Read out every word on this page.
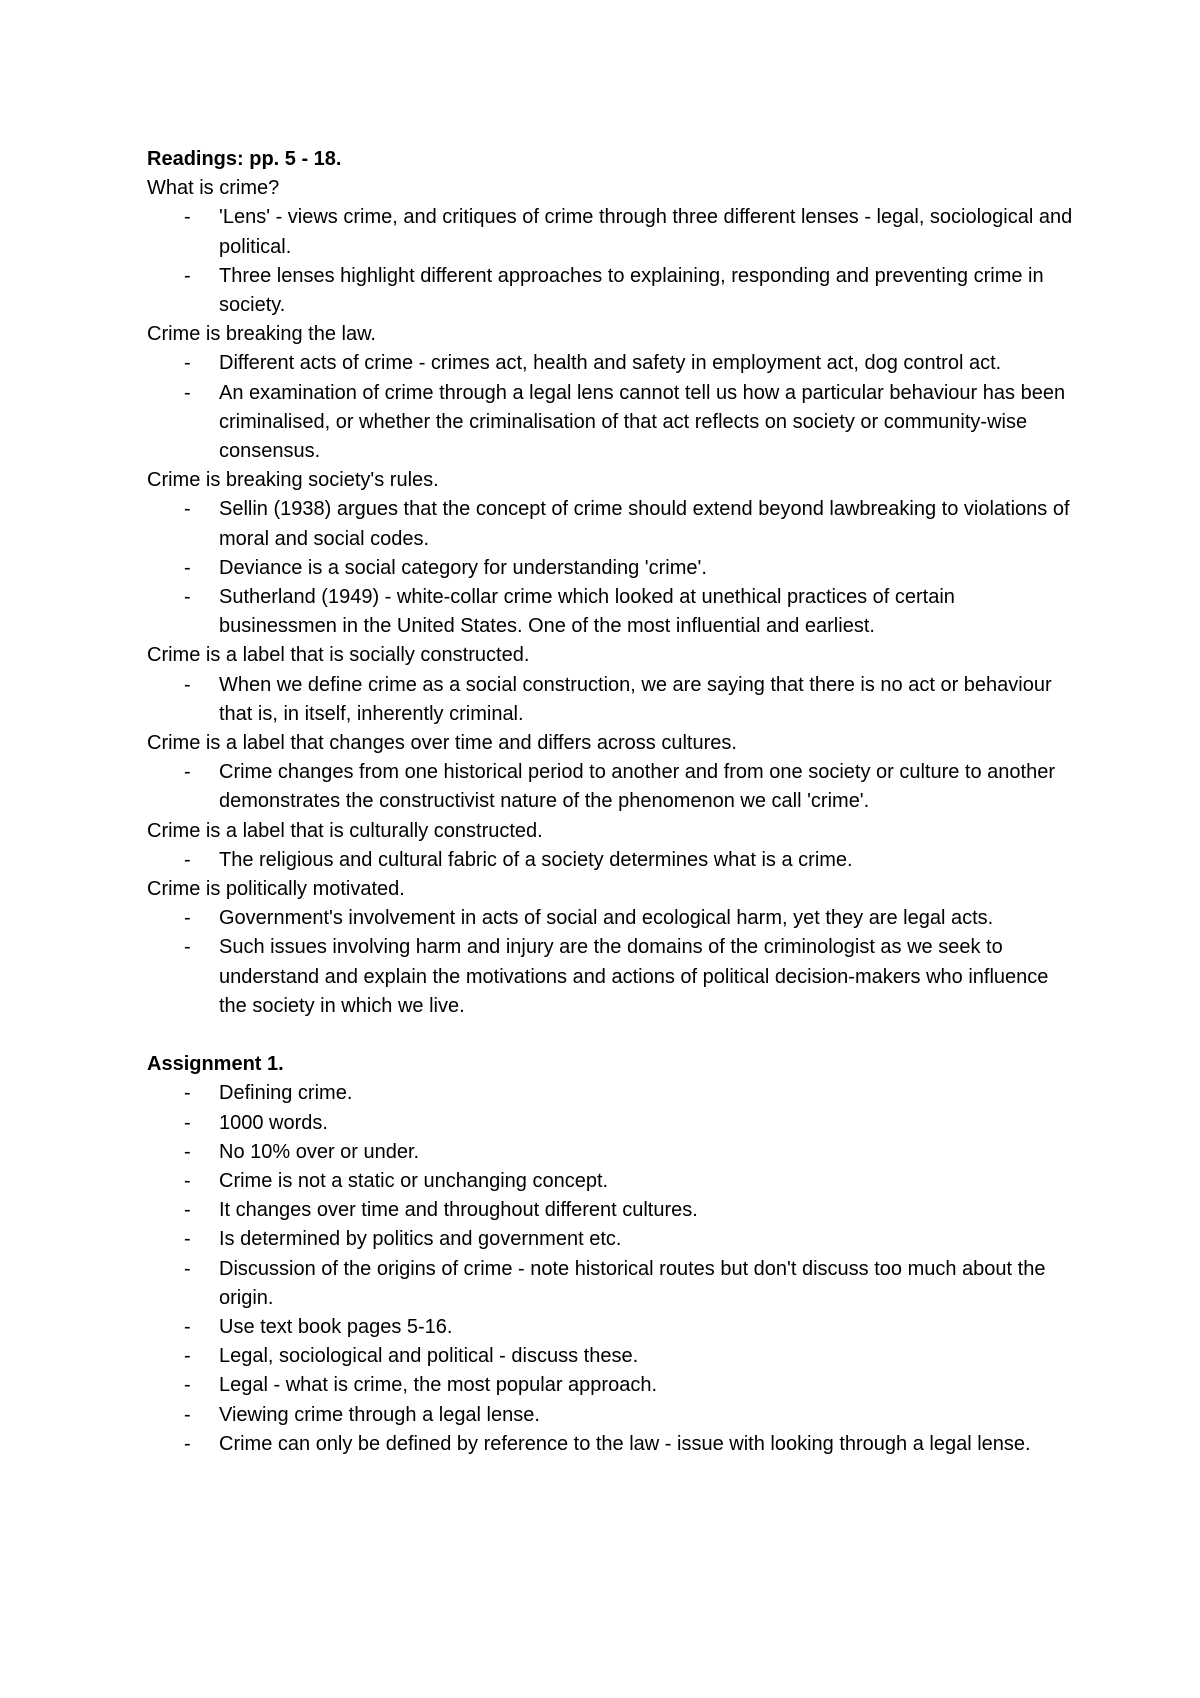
Readings: pp. 5 - 18.

What is crime?

- 'Lens' - views crime, and critiques of crime through three different lenses - legal, sociological and political.
- Three lenses highlight different approaches to explaining, responding and preventing crime in society.

Crime is breaking the law.

- Different acts of crime - crimes act, health and safety in employment act, dog control act.
- An examination of crime through a legal lens cannot tell us how a particular behaviour has been criminalised, or whether the criminalisation of that act reflects on society or community-wise consensus.

Crime is breaking society's rules.

- Sellin (1938) argues that the concept of crime should extend beyond lawbreaking to violations of moral and social codes.
- Deviance is a social category for understanding 'crime'.
- Sutherland (1949) - white-collar crime which looked at unethical practices of certain businessmen in the United States. One of the most influential and earliest.

Crime is a label that is socially constructed.

- When we define crime as a social construction, we are saying that there is no act or behaviour that is, in itself, inherently criminal.

Crime is a label that changes over time and differs across cultures.

- Crime changes from one historical period to another and from one society or culture to another demonstrates the constructivist nature of the phenomenon we call 'crime'.

Crime is a label that is culturally constructed.

- The religious and cultural fabric of a society determines what is a crime.

Crime is politically motivated.

- Government's involvement in acts of social and ecological harm, yet they are legal acts.
- Such issues involving harm and injury are the domains of the criminologist as we seek to understand and explain the motivations and actions of political decision-makers who influence the society in which we live.

Assignment 1.

- Defining crime.
- 1000 words.
- No 10% over or under.
- Crime is not a static or unchanging concept.
- It changes over time and throughout different cultures.
- Is determined by politics and government etc.
- Discussion of the origins of crime - note historical routes but don't discuss too much about the origin.
- Use text book pages 5-16.
- Legal, sociological and political - discuss these.
- Legal - what is crime, the most popular approach.
- Viewing crime through a legal lense.
- Crime can only be defined by reference to the law - issue with looking through a legal lense.
